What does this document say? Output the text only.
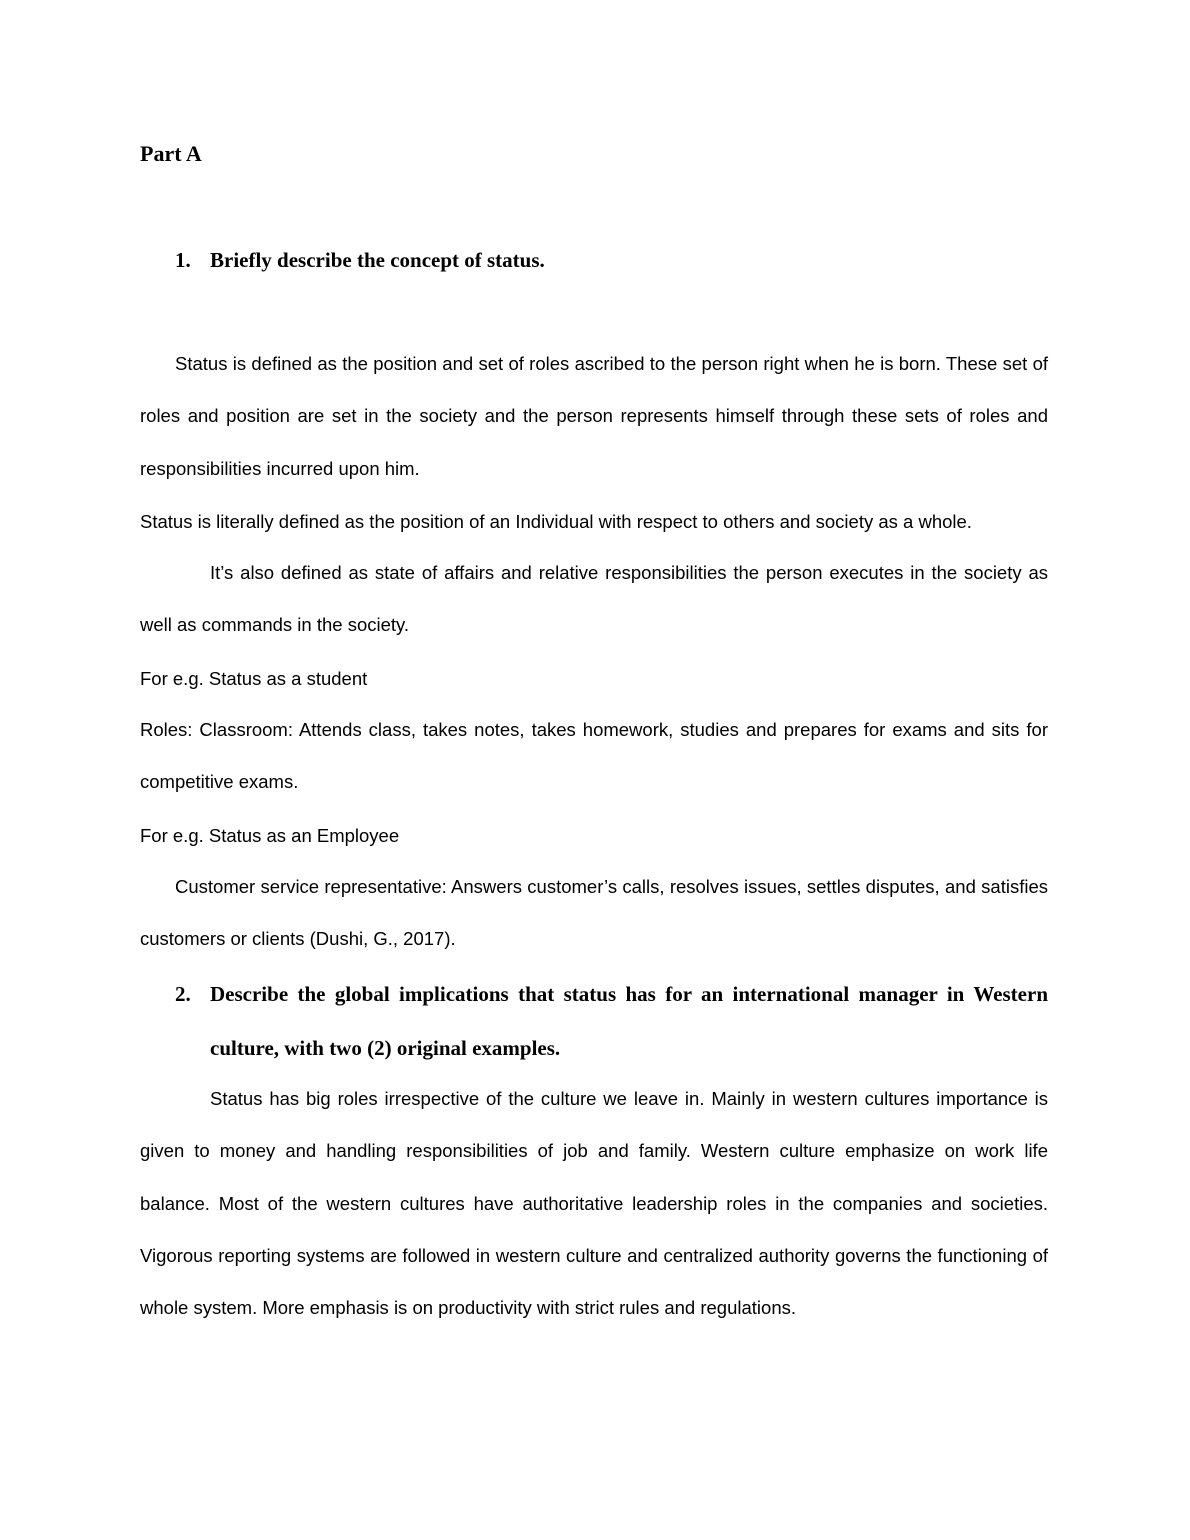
Part A
1. Briefly describe the concept of status.

Status is defined as the position and set of roles ascribed to the person right when he is born. These set of roles and position are set in the society and the person represents himself through these sets of roles and responsibilities incurred upon him.

Status is literally defined as the position of an Individual with respect to others and society as a whole.

It’s also defined as state of affairs and relative responsibilities the person executes in the society as well as commands in the society.

For e.g. Status as a student

Roles: Classroom: Attends class, takes notes, takes homework, studies and prepares for exams and sits for competitive exams.

For e.g. Status as an Employee

Customer service representative: Answers customer’s calls, resolves issues, settles disputes, and satisfies customers or clients (Dushi, G., 2017).

2. Describe the global implications that status has for an international manager in Western culture, with two (2) original examples.

Status has big roles irrespective of the culture we leave in. Mainly in western cultures importance is given to money and handling responsibilities of job and family. Western culture emphasize on work life balance. Most of the western cultures have authoritative leadership roles in the companies and societies. Vigorous reporting systems are followed in western culture and centralized authority governs the functioning of whole system. More emphasis is on productivity with strict rules and regulations.
